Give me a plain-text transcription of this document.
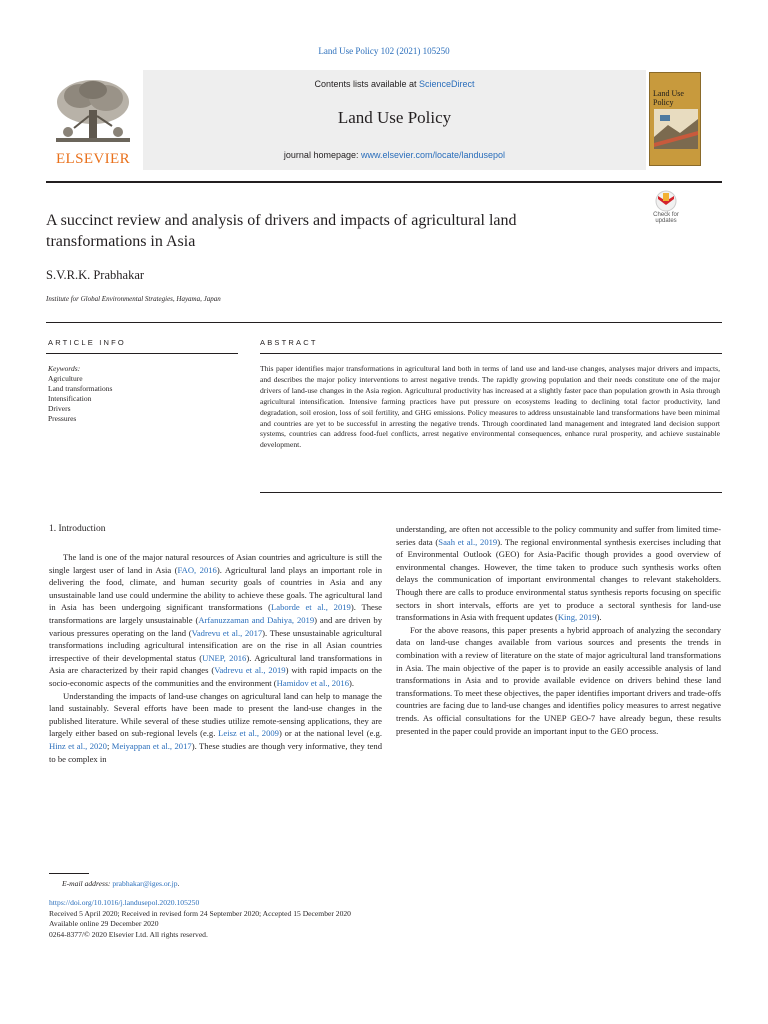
Land Use Policy 102 (2021) 105250
ELSEVIER
Contents lists available at ScienceDirect
Land Use Policy
journal homepage: www.elsevier.com/locate/landusepol
Land Use Policy
A succinct review and analysis of drivers and impacts of agricultural land transformations in Asia
Check for
updates
S.V.R.K. Prabhakar
Institute for Global Environmental Strategies, Hayama, Japan
ARTICLE INFO	ABSTRACT
Keywords:
Agriculture
Land transformations
Intensification
Drivers
Pressures
This paper identifies major transformations in agricultural land both in terms of land use and land-use changes, analyses major drivers and impacts, and describes the major policy interventions to arrest negative trends. The rapidly growing population and their needs constitute one of the major drivers of land-use changes in the Asia region. Agricultural productivity has increased at a slightly faster pace than population growth in Asia through agricultural intensification. Intensive farming practices have put pressure on ecosystems leading to declining total factor productivity, land degradation, soil erosion, loss of soil fertility, and GHG emissions. Policy measures to address unsustainable land transformations have been minimal and countries are yet to be successful in arresting the negative trends. Through coordinated land management and integrated land decision support systems, countries can address food-fuel conflicts, arrest negative environmental consequences, enhance rural prosperity, and achieve sustainable development.
1. Introduction

The land is one of the major natural resources of Asian countries and agriculture is still the single largest user of land in Asia (FAO, 2016). Agricultural land plays an important role in delivering the food, climate, and human security goals of countries in Asia and any unsustainable land use could undermine the ability to achieve these goals. The agricultural land in Asia has been undergoing significant transformations (Laborde et al., 2019). These transformations are largely unsustainable (Arfanuzzaman and Dahiya, 2019) and are driven by various pressures operating on the land (Vadrevu et al., 2017). These unsustainable agricultural transformations including agricultural intensification are on the rise in all Asian countries irrespective of their developmental status (UNEP, 2016). Agricultural land transformations in Asia are characterized by their rapid changes (Vadrevu et al., 2019) with rapid impacts on the socio-economic aspects of the communities and the environment (Hamidov et al., 2016).

Understanding the impacts of land-use changes on agricultural land can help to manage the land sustainably. Several efforts have been made to present the land-use changes in the published literature. While several of these studies utilize remote-sensing applications, they are largely either based on sub-regional levels (e.g. Leisz et al., 2009) or at the national level (e.g. Hinz et al., 2020; Meiyappan et al., 2017). These studies are though very informative, they tend to be complex in

understanding, are often not accessible to the policy community and suffer from limited time-series data (Saah et al., 2019). The regional environmental synthesis exercises including that of Environmental Outlook (GEO) for Asia-Pacific though provides a good overview of environmental changes. However, the time taken to produce such synthesis works often delays the communication of important environmental changes to relevant stakeholders. Though there are calls to produce environmental status synthesis reports focusing on specific sectors in short intervals, efforts are yet to produce a sectoral synthesis for land-use transformations in Asia with frequent updates (King, 2019).

For the above reasons, this paper presents a hybrid approach of analyzing the secondary data on land-use changes available from various sources and presents the trends in combination with a review of literature on the state of major agricultural land transformations in Asia. The main objective of the paper is to provide an easily accessible analysis of land transformations in Asia and to provide available evidence on drivers behind these land transformations. To meet these objectives, the paper identifies important drivers and trade-offs countries are facing due to land-use changes and identifies policy measures to arrest negative trends. As official consultations for the UNEP GEO-7 have already begun, these results presented in the paper could provide an important input to the GEO process.

E-mail address: prabhakar@iges.or.jp.
https://doi.org/10.1016/j.landusepol.2020.105250
Received 5 April 2020; Received in revised form 24 September 2020; Accepted 15 December 2020
Available online 29 December 2020
0264-8377/© 2020 Elsevier Ltd. All rights reserved.
